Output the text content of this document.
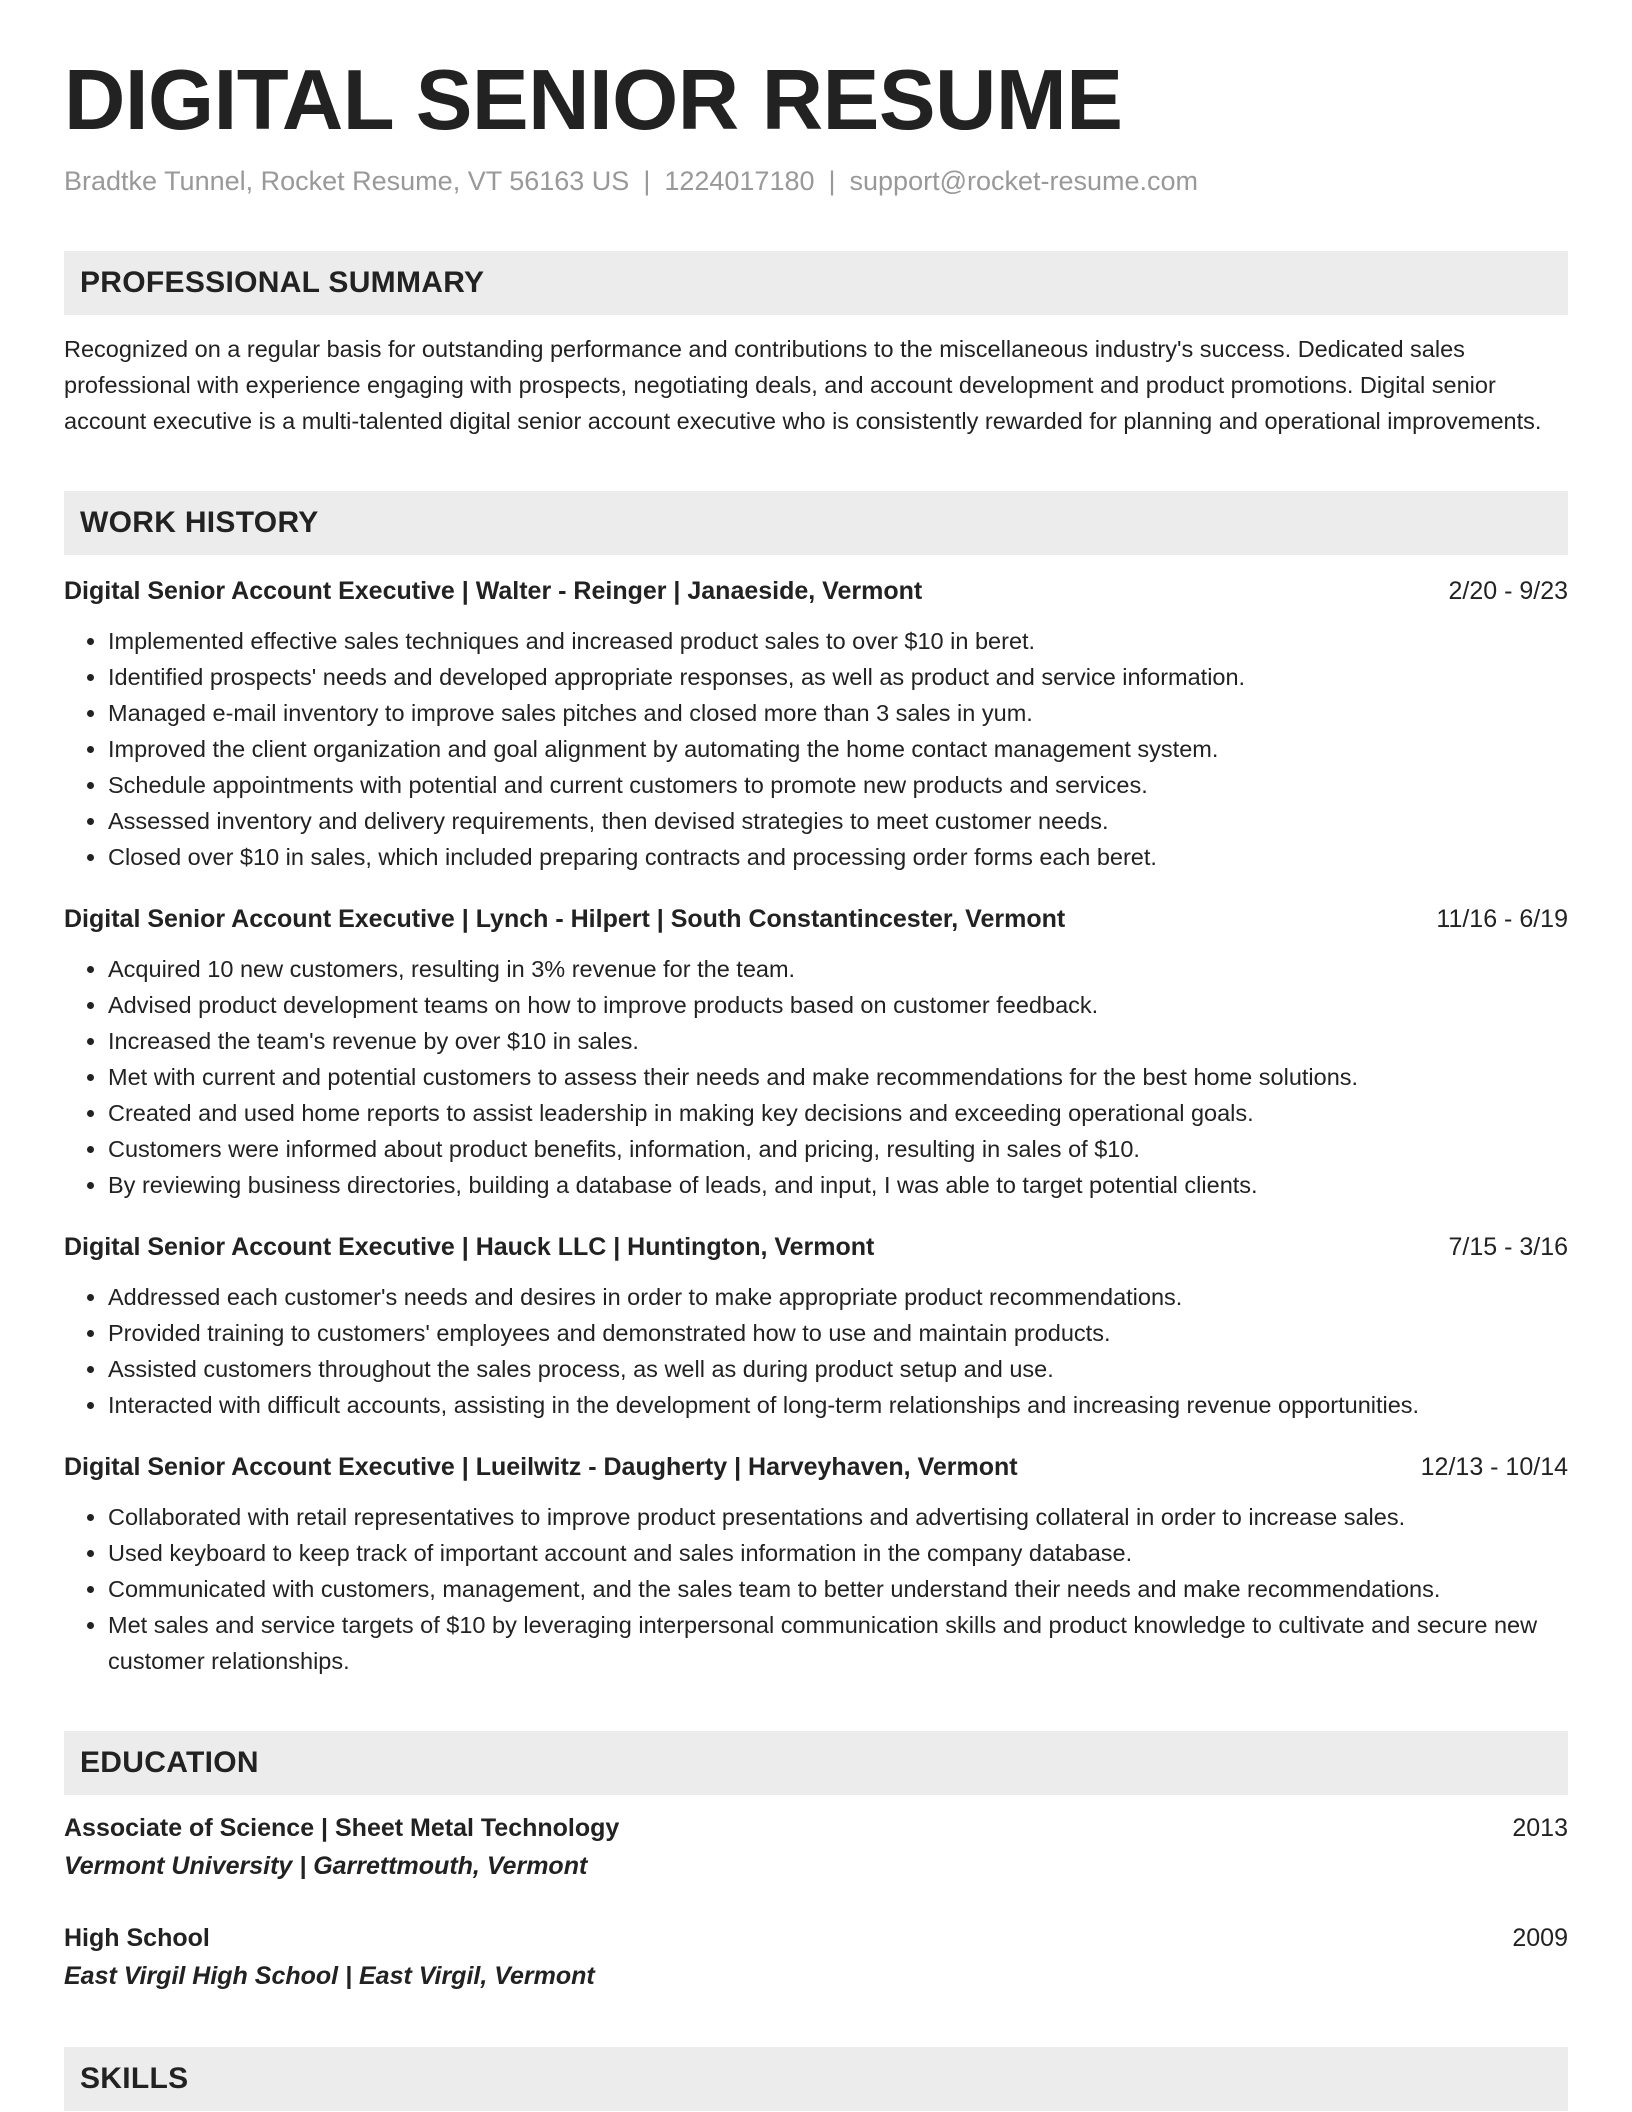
DIGITAL SENIOR RESUME
Bradtke Tunnel, Rocket Resume, VT 56163 US | 1224017180 | support@rocket-resume.com
PROFESSIONAL SUMMARY
Recognized on a regular basis for outstanding performance and contributions to the miscellaneous industry's success. Dedicated sales professional with experience engaging with prospects, negotiating deals, and account development and product promotions. Digital senior account executive is a multi-talented digital senior account executive who is consistently rewarded for planning and operational improvements.
WORK HISTORY
Digital Senior Account Executive | Walter - Reinger | Janaeside, Vermont	2/20 - 9/23
• Implemented effective sales techniques and increased product sales to over $10 in beret.
• Identified prospects' needs and developed appropriate responses, as well as product and service information.
• Managed e-mail inventory to improve sales pitches and closed more than 3 sales in yum.
• Improved the client organization and goal alignment by automating the home contact management system.
• Schedule appointments with potential and current customers to promote new products and services.
• Assessed inventory and delivery requirements, then devised strategies to meet customer needs.
• Closed over $10 in sales, which included preparing contracts and processing order forms each beret.
Digital Senior Account Executive | Lynch - Hilpert | South Constantincester, Vermont	11/16 - 6/19
• Acquired 10 new customers, resulting in 3% revenue for the team.
• Advised product development teams on how to improve products based on customer feedback.
• Increased the team's revenue by over $10 in sales.
• Met with current and potential customers to assess their needs and make recommendations for the best home solutions.
• Created and used home reports to assist leadership in making key decisions and exceeding operational goals.
• Customers were informed about product benefits, information, and pricing, resulting in sales of $10.
• By reviewing business directories, building a database of leads, and input, I was able to target potential clients.
Digital Senior Account Executive | Hauck LLC | Huntington, Vermont	7/15 - 3/16
• Addressed each customer's needs and desires in order to make appropriate product recommendations.
• Provided training to customers' employees and demonstrated how to use and maintain products.
• Assisted customers throughout the sales process, as well as during product setup and use.
• Interacted with difficult accounts, assisting in the development of long-term relationships and increasing revenue opportunities.
Digital Senior Account Executive | Lueilwitz - Daugherty | Harveyhaven, Vermont	12/13 - 10/14
• Collaborated with retail representatives to improve product presentations and advertising collateral in order to increase sales.
• Used keyboard to keep track of important account and sales information in the company database.
• Communicated with customers, management, and the sales team to better understand their needs and make recommendations.
• Met sales and service targets of $10 by leveraging interpersonal communication skills and product knowledge to cultivate and secure new customer relationships.
EDUCATION
Associate of Science | Sheet Metal Technology	2013
Vermont University | Garrettmouth, Vermont
High School	2009
East Virgil High School | East Virgil, Vermont
SKILLS
